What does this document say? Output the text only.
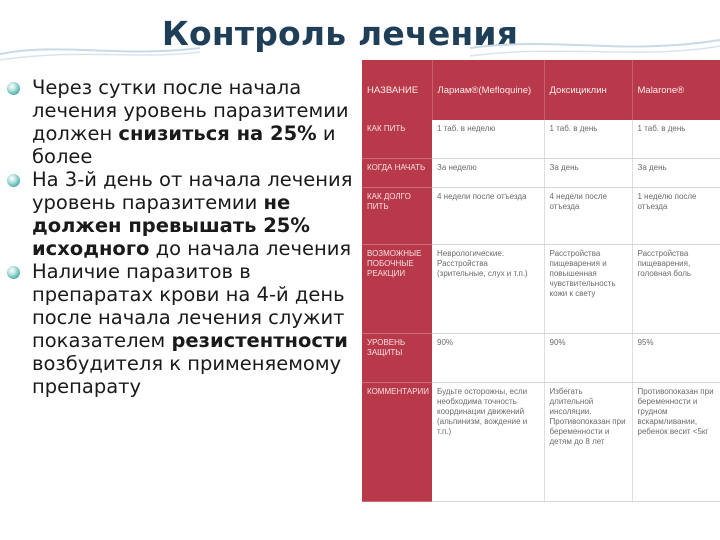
Контроль лечения
Через сутки после начала лечения уровень паразитемии должен снизиться на 25% и более
На 3-й день от начала лечения уровень паразитемии не должен превышать 25% исходного до начала лечения
Наличие паразитов в препаратах крови на 4-й день после начала лечения служит показателем резистентности возбудителя к применяемому препарату
НАЗВАНИЕ	Лариам®(Mefloquine)	Доксициклин	Malarone®
КАК ПИТЬ	1 таб. в неделю	1 таб. в день	1 таб. в день
КОГДА НАЧАТЬ	За неделю	За день	За день
КАК ДОЛГО ПИТЬ	4 недели после отъезда	4 недели после отъезда	1 неделю после отъезда
ВОЗМОЖНЫЕ ПОБОЧНЫЕ РЕАКЦИИ	Неврологические. Расстройства (зрительные, слух и т.п.)	Расстройства пищеварения и повышенная чувствительность кожи к свету	Расстройства пищеварения, головная боль
УРОВЕНЬ ЗАЩИТЫ	90%	90%	95%
КОММЕНТАРИИ	Будьте осторожны, если необходима точность координации движений (альпинизм, вождение и т.п.)	Избегать длительной инсоляции. Противопоказан при беременности и детям до 8 лет	Противопоказан при беременности и грудном вскармливании, ребенок весит <5кг
